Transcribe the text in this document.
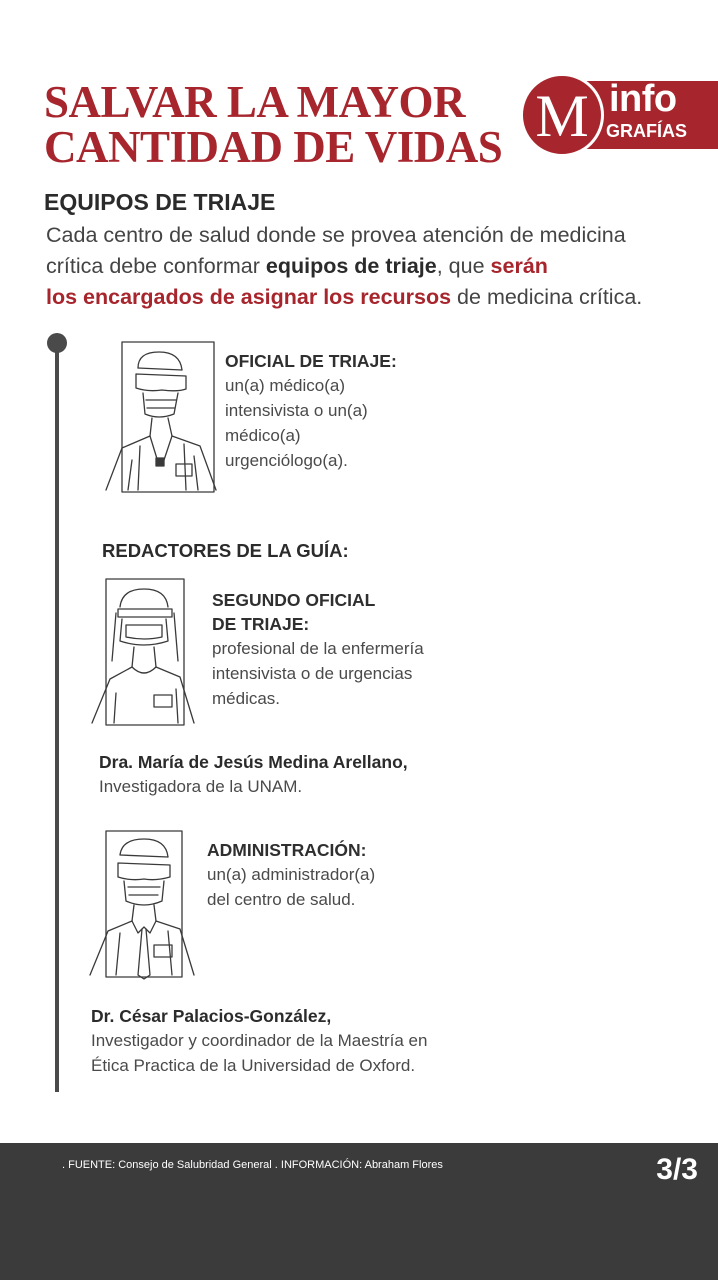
SALVAR LA MAYOR
CANTIDAD DE VIDAS M info
GRAFÍAS
EQUIPOS DE TRIAJE

Cada centro de salud donde se provea atención de medicina crítica debe conformar equipos de triaje, que serán
los encargados de asignar los recursos de medicina crítica.

OFICIAL DE TRIAJE:

un(a) médico(a)

intensivista o un(a)

médico(a)

urgenciólogo(a).

REDACTORES DE LA GUÍA:

SEGUNDO OFICIAL

DE TRIAJE:

profesional de la enfermería

intensivista o de urgencias

médicas.

Dra. María de Jesús Medina Arellano,

Investigadora de la UNAM.

ADMINISTRACIÓN:

un(a) administrador(a)

del centro de salud.

Dr. César Palacios-González,

Investigador y coordinador de la Maestría en

Ética Practica de la Universidad de Oxford.

. FUENTE: Consejo de Salubridad General . INFORMACIÓN: Abraham Flores	3/3
